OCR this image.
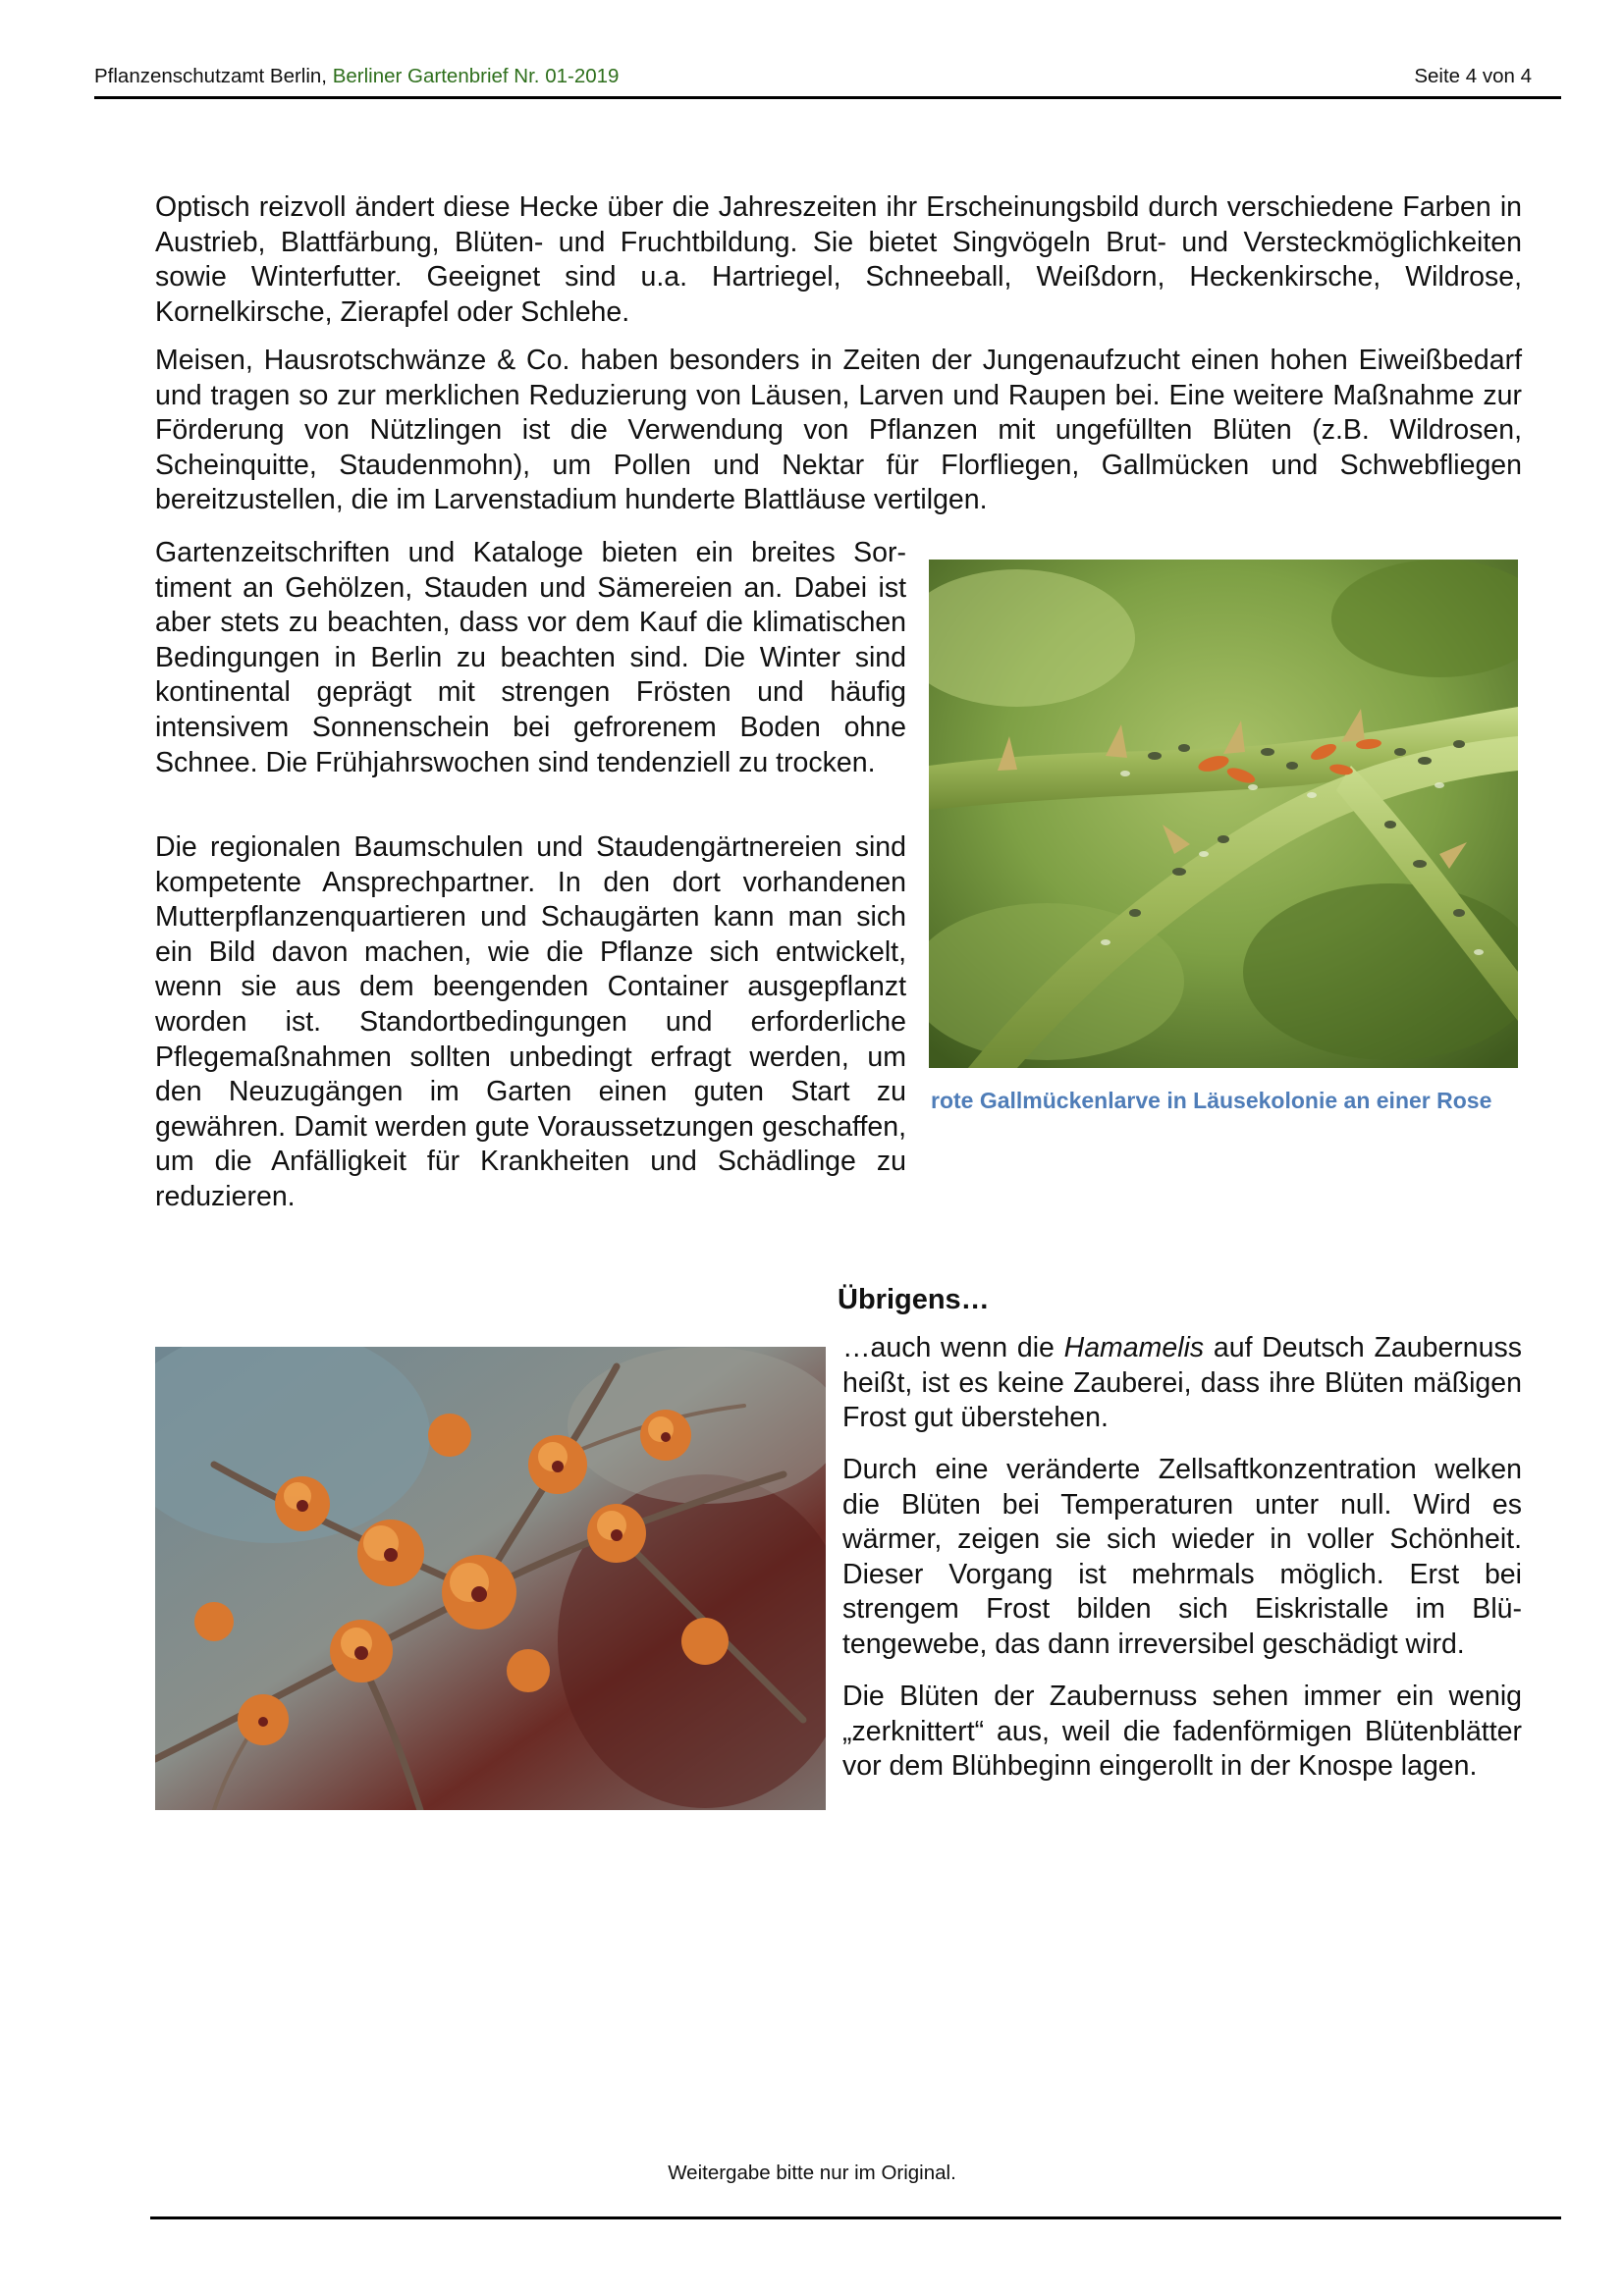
Pflanzenschutzamt Berlin, Berliner Gartenbrief Nr. 01-2019	Seite 4 von 4

Optisch reizvoll ändert diese Hecke über die Jahreszeiten ihr Erscheinungsbild durch verschiedene Farben in Austrieb, Blattfärbung, Blüten- und Fruchtbildung. Sie bietet Singvögeln Brut- und Versteckmöglichkeiten sowie Winterfutter. Geeignet sind u.a. Hartriegel, Schneeball, Weißdorn, Heckenkirsche, Wildrose, Kornelkirsche, Zierapfel oder Schlehe.

Meisen, Hausrotschwänze & Co. haben besonders in Zeiten der Jungenaufzucht einen hohen Eiweißbedarf und tragen so zur merklichen Reduzierung von Läusen, Larven und Raupen bei. Eine weitere Maßnahme zur Förderung von Nützlingen ist die Verwendung von Pflanzen mit ungefüllten Blüten (z.B. Wildrosen, Scheinquitte, Staudenmohn), um Pollen und Nektar für Florfliegen, Gallmücken und Schwebfliegen bereitzustellen, die im Larvenstadium hunderte Blattläuse vertilgen.

Gartenzeitschriften und Kataloge bieten ein breites Sortiment an Gehölzen, Stauden und Sämereien an. Dabei ist aber stets zu beachten, dass vor dem Kauf die klimatischen Bedingungen in Berlin zu beachten sind. Die Winter sind kontinental geprägt mit strengen Frösten und häufig intensivem Sonnenschein bei gefrorenem Boden ohne Schnee. Die Frühjahrswochen sind tendenziell zu trocken.

Die regionalen Baumschulen und Staudengärtnereien sind kompetente Ansprechpartner. In den dort vorhandenen Mutterpflanzenquartieren und Schaugärten kann man sich ein Bild davon machen, wie die Pflanze sich entwickelt, wenn sie aus dem beengenden Container ausgepflanzt worden ist. Standortbedingungen und erforderliche Pflegemaßnahmen sollten unbedingt erfragt werden, um den Neuzugängen im Garten einen guten Start zu gewähren. Damit werden gute Voraussetzungen geschaffen, um die Anfälligkeit für Krankheiten und Schädlinge zu reduzieren.

rote Gallmückenlarve in Läusekolonie an einer Rose
Übrigens…

…auch wenn die Hamamelis auf Deutsch Zaubernuss heißt, ist es keine Zauberei, dass ihre Blüten mäßigen Frost gut überstehen.

Durch eine veränderte Zellsaftkonzentration welken die Blüten bei Temperaturen unter null. Wird es wärmer, zeigen sie sich wieder in voller Schönheit. Dieser Vorgang ist mehrmals möglich. Erst bei strengem Frost bilden sich Eiskristalle im Blütengewebe, das dann irreversibel geschädigt wird.

Die Blüten der Zaubernuss sehen immer ein wenig „zerknittert“ aus, weil die fadenförmigen Blütenblätter vor dem Blühbeginn eingerollt in der Knospe lagen.

Weitergabe bitte nur im Original.
